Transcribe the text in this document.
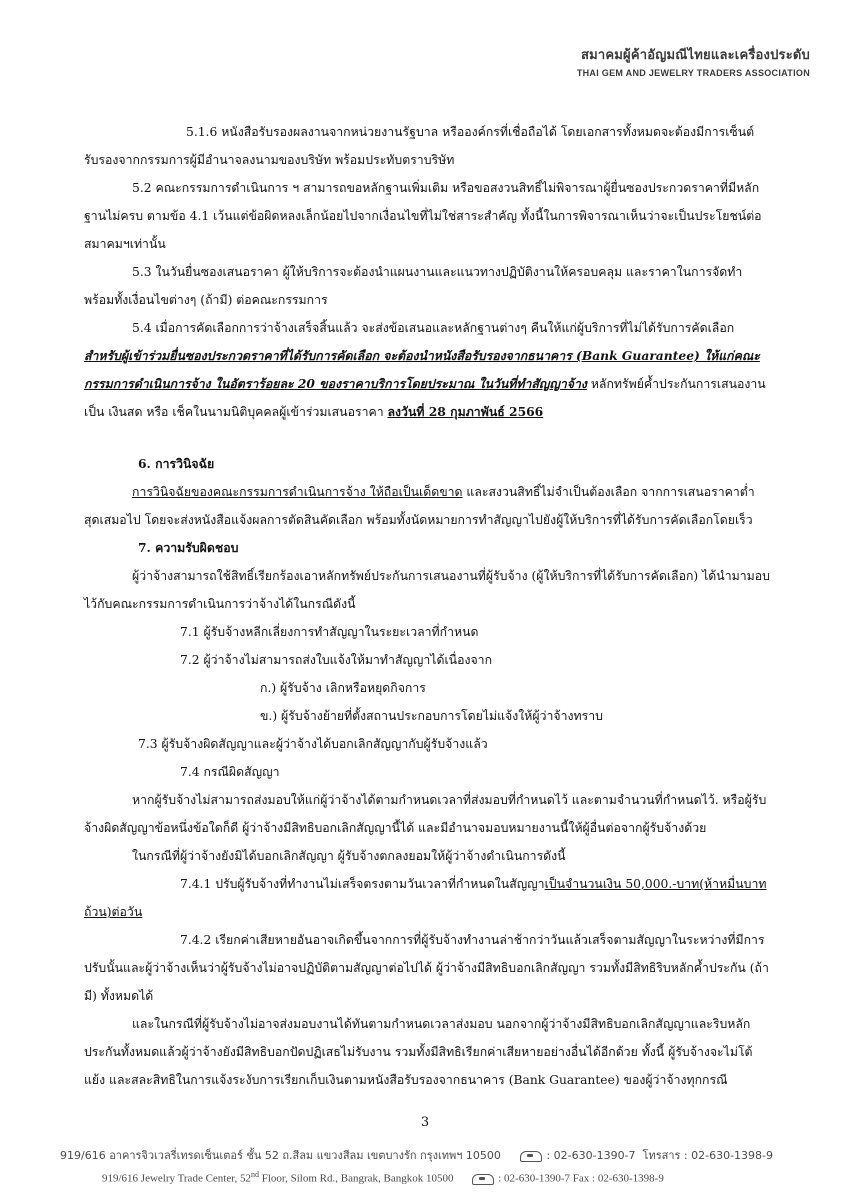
สมาคมผู้ค้าอัญมณีไทยและเครื่องประดับ
THAI GEM AND JEWELRY TRADERS ASSOCIATION

5.1.6 หนังสือรับรองผลงานจากหน่วยงานรัฐบาล หรือองค์กรที่เชื่อถือได้ โดยเอกสารทั้งหมดจะต้องมีการเซ็นต์รับรองจากกรรมการผู้มีอำนาจลงนามของบริษัท พร้อมประทับตราบริษัท

5.2 คณะกรรมการดำเนินการ ฯ สามารถขอหลักฐานเพิ่มเติม หรือขอสงวนสิทธิ์ไม่พิจารณาผู้ยื่นซองประกวดราคาที่มีหลักฐานไม่ครบ ตามข้อ 4.1 เว้นแต่ข้อผิดหลงเล็กน้อยไปจากเงื่อนไขที่ไม่ใช่สาระสำคัญ ทั้งนี้ในการพิจารณาเห็นว่าจะเป็นประโยชน์ต่อสมาคมฯเท่านั้น

5.3 ในวันยื่นซองเสนอราคา ผู้ให้บริการจะต้องนำแผนงานและแนวทางปฏิบัติงานให้ครอบคลุม และราคาในการจัดทำพร้อมทั้งเงื่อนไขต่างๆ (ถ้ามี) ต่อคณะกรรมการ

5.4 เมื่อการคัดเลือกการว่าจ้างเสร็จสิ้นแล้ว จะส่งข้อเสนอและหลักฐานต่างๆ คืนให้แก่ผู้บริการที่ไม่ได้รับการคัดเลือก สำหรับผู้เข้าร่วมยื่นซองประกวดราคาที่ได้รับการคัดเลือก จะต้องนำหนังสือรับรองจากธนาคาร (Bank Guarantee) ให้แก่คณะกรรมการดำเนินการจ้าง ในอัตราร้อยละ 20 ของราคาบริการโดยประมาณ ในวันที่ทำสัญญาจ้าง หลักทรัพย์ค้ำประกันการเสนองานเป็น เงินสด หรือ เช็คในนามนิติบุคคลผู้เข้าร่วมเสนอราคา ลงวันที่ 28 กุมภาพันธ์ 2566

6. การวินิจฉัย

การวินิจฉัยของคณะกรรมการดำเนินการจ้าง ให้ถือเป็นเด็ดขาด และสงวนสิทธิ์ไม่จำเป็นต้องเลือก จากการเสนอราคาต่ำสุดเสมอไป โดยจะส่งหนังสือแจ้งผลการตัดสินคัดเลือก พร้อมทั้งนัดหมายการทำสัญญาไปยังผู้ให้บริการที่ได้รับการคัดเลือกโดยเร็ว

7. ความรับผิดชอบ

ผู้ว่าจ้างสามารถใช้สิทธิ์เรียกร้องเอาหลักทรัพย์ประกันการเสนองานที่ผู้รับจ้าง (ผู้ให้บริการที่ได้รับการคัดเลือก) ได้นำมามอบไว้กับคณะกรรมการดำเนินการว่าจ้างได้ในกรณีดังนี้

7.1 ผู้รับจ้างหลีกเลี่ยงการทำสัญญาในระยะเวลาที่กำหนด

7.2 ผู้ว่าจ้างไม่สามารถส่งใบแจ้งให้มาทำสัญญาได้เนื่องจาก

ก.) ผู้รับจ้าง เลิกหรือหยุดกิจการ

ข.) ผู้รับจ้างย้ายที่ตั้งสถานประกอบการโดยไม่แจ้งให้ผู้ว่าจ้างทราบ

7.3 ผู้รับจ้างผิดสัญญาและผู้ว่าจ้างได้บอกเลิกสัญญากับผู้รับจ้างแล้ว

7.4 กรณีผิดสัญญา

หากผู้รับจ้างไม่สามารถส่งมอบให้แก่ผู้ว่าจ้างได้ตามกำหนดเวลาที่ส่งมอบที่กำหนดไว้ และตามจำนวนที่กำหนดไว้. หรือผู้รับจ้างผิดสัญญาข้อหนึ่งข้อใดก็ดี ผู้ว่าจ้างมีสิทธิบอกเลิกสัญญานี้ได้ และมีอำนาจมอบหมายงานนี้ให้ผู้อื่นต่อจากผู้รับจ้างด้วย

ในกรณีที่ผู้ว่าจ้างยังมิได้บอกเลิกสัญญา ผู้รับจ้างตกลงยอมให้ผู้ว่าจ้างดำเนินการดังนี้

7.4.1 ปรับผู้รับจ้างที่ทำงานไม่เสร็จตรงตามวันเวลาที่กำหนดในสัญญาเป็นจำนวนเงิน 50,000.-บาท(ห้าหมื่นบาทถ้วน)ต่อวัน

7.4.2 เรียกค่าเสียหายอันอาจเกิดขึ้นจากการที่ผู้รับจ้างทำงานล่าช้ากว่าวันแล้วเสร็จตามสัญญาในระหว่างที่มีการปรับนั้นและผู้ว่าจ้างเห็นว่าผู้รับจ้างไม่อาจปฏิบัติตามสัญญาต่อไปได้ ผู้ว่าจ้างมีสิทธิบอกเลิกสัญญา รวมทั้งมีสิทธิริบหลักค้ำประกัน (ถ้ามี) ทั้งหมดได้

และในกรณีที่ผู้รับจ้างไม่อาจส่งมอบงานได้ทันตามกำหนดเวลาส่งมอบ นอกจากผู้ว่าจ้างมีสิทธิบอกเลิกสัญญาและริบหลักประกันทั้งหมดแล้วผู้ว่าจ้างยังมีสิทธิบอกปัดปฏิเสธไม่รับงาน รวมทั้งมีสิทธิเรียกค่าเสียหายอย่างอื่นได้อีกด้วย ทั้งนี้ ผู้รับจ้างจะไม่โต้แย้ง และสละสิทธิในการแจ้งระงับการเรียกเก็บเงินตามหนังสือรับรองจากธนาคาร (Bank Guarantee) ของผู้ว่าจ้างทุกกรณี

3
919/616 อาคารจิวเวลรี่เทรดเซ็นเตอร์ ชั้น 52 ถ.สีลม แขวงสีลม เขตบางรัก กรุงเทพฯ 10500	: 02-630-1390-7 โทรสาร : 02-630-1398-9
919/616 Jewelry Trade Center, 52nd Floor, Silom Rd., Bangrak, Bangkok 10500	: 02-630-1390-7 Fax : 02-630-1398-9
